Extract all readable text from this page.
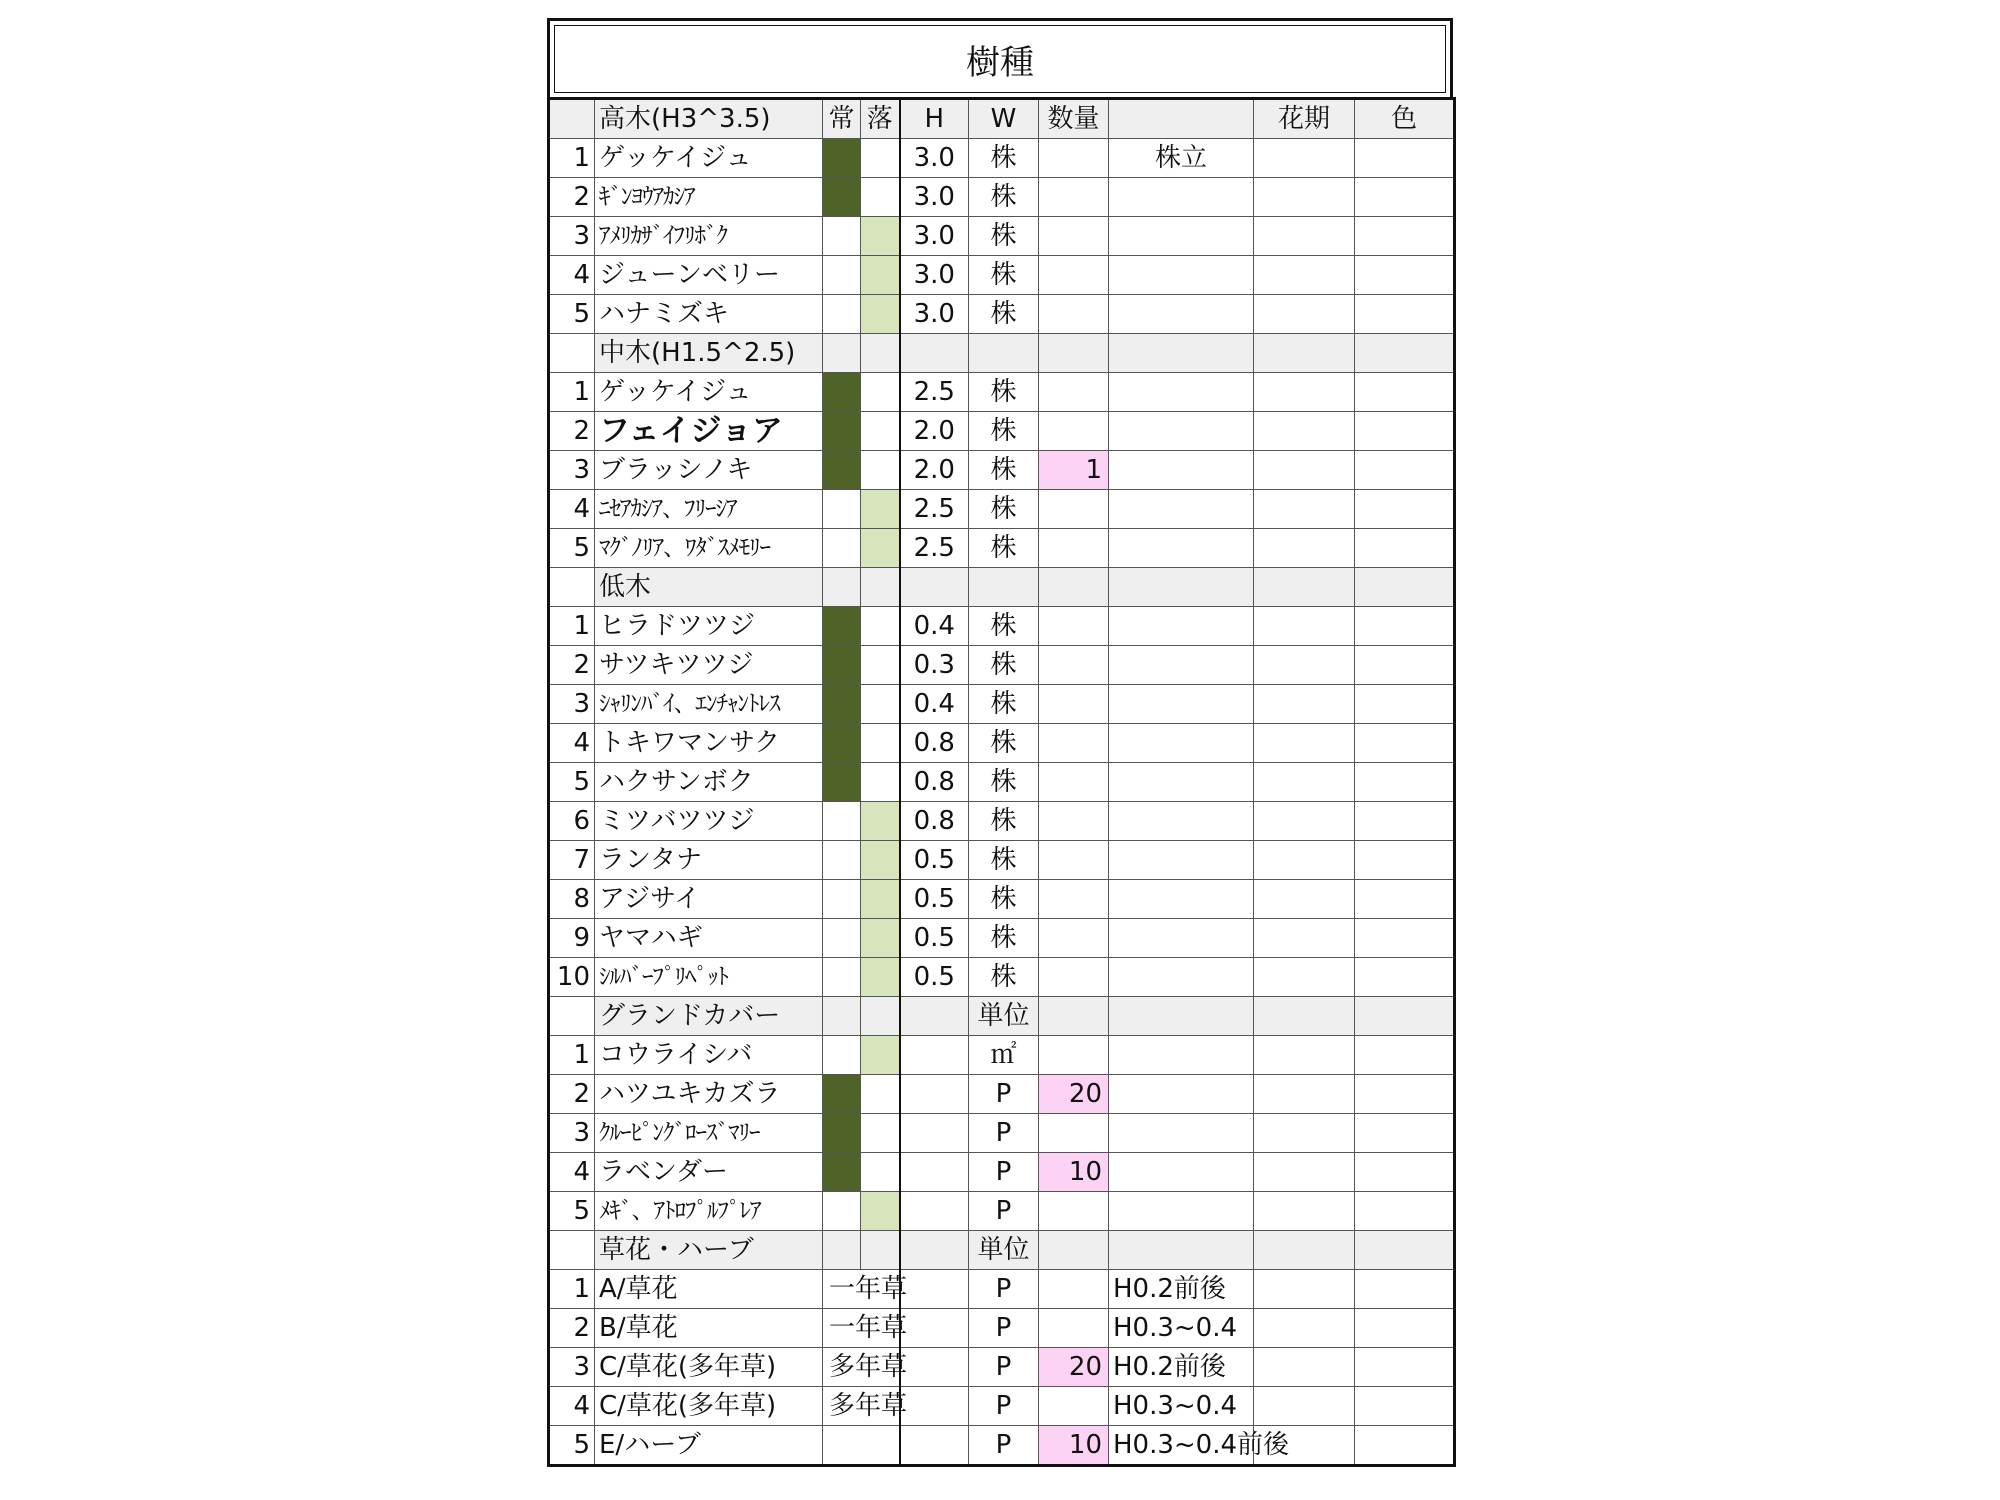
樹種
	高木(H3^3.5)	常	落	H	W	数量		花期	色
1	ゲッケイジュ			3.0	株		株立		
2	ｷﾞﾝﾖｳｱｶｼｱ			3.0	株				
3	ｱﾒﾘｶｻﾞｲﾌﾘﾎﾞｸ			3.0	株				
4	ジューンベリー			3.0	株				
5	ハナミズキ			3.0	株				
	中木(H1.5^2.5)								
1	ゲッケイジュ			2.5	株				
2	フェイジョア			2.0	株				
3	ブラッシノキ			2.0	株	1			
4	ﾆｾｱｶｼｱ、ﾌﾘｰｼｱ			2.5	株				
5	ﾏｸﾞﾉﾘｱ、ﾜﾀﾞｽﾒﾓﾘｰ			2.5	株				
	低木								
1	ヒラドツツジ			0.4	株				
2	サツキツツジ			0.3	株				
3	ｼｬﾘﾝﾊﾞｲ、ｴﾝﾁｬﾝﾄﾚｽ			0.4	株				
4	トキワマンサク			0.8	株				
5	ハクサンボク			0.8	株				
6	ミツバツツジ			0.8	株				
7	ランタナ			0.5	株				
8	アジサイ			0.5	株				
9	ヤマハギ			0.5	株				
10	ｼﾙﾊﾞｰﾌﾟﾘﾍﾟｯﾄ			0.5	株				
	グランドカバー				単位				
1	コウライシバ				㎡				
2	ハツユキカズラ				P	20			
3	ｸﾙｰﾋﾟﾝｸﾞﾛｰｽﾞﾏﾘｰ				P				
4	ラベンダー				P	10			
5	ﾒｷﾞ、ｱﾄﾛﾌﾟﾙﾌﾟﾚｱ				P				
	草花・ハーブ				単位				
1	A/草花	一年草			P		H0.2前後		
2	B/草花	一年草			P		H0.3~0.4		
3	C/草花(多年草)	多年草			P	20	H0.2前後		
4	C/草花(多年草)	多年草			P		H0.3~0.4		
5	E/ハーブ				P	10	H0.3~0.4前後		
